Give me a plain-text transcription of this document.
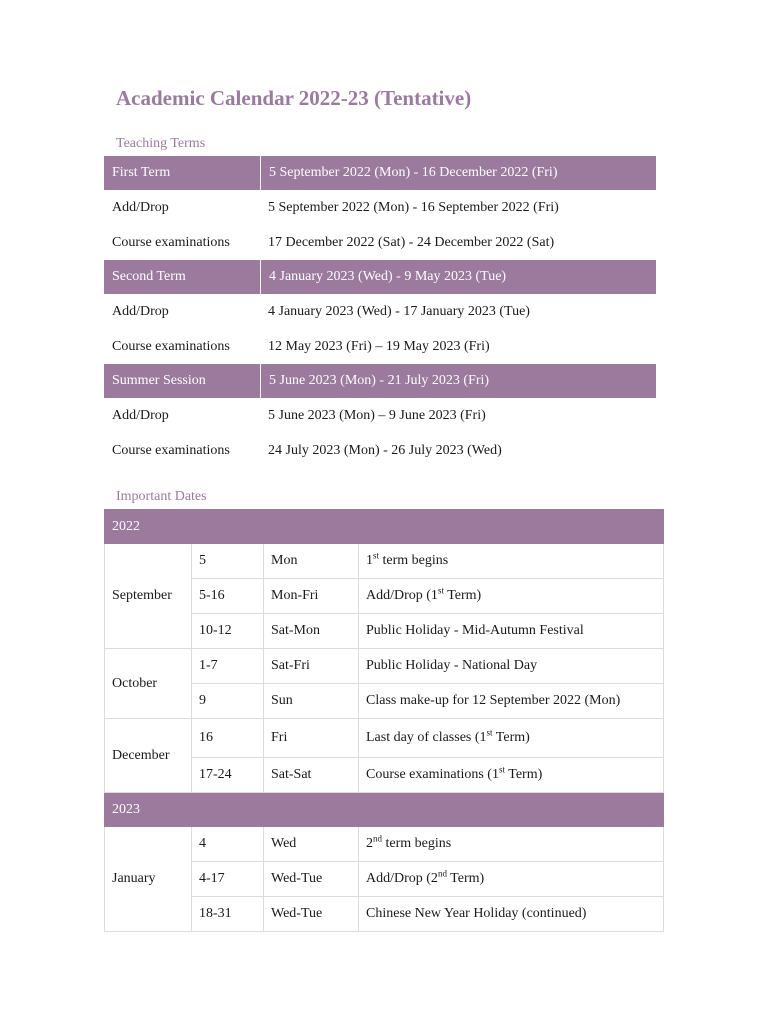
Academic Calendar 2022-23 (Tentative)
Teaching Terms
First Term	5 September 2022 (Mon) - 16 December 2022 (Fri)
Add/Drop	5 September 2022 (Mon) - 16 September 2022 (Fri)
Course examinations	17 December 2022 (Sat) - 24 December 2022 (Sat)
Second Term	4 January 2023 (Wed) - 9 May 2023 (Tue)
Add/Drop	4 January 2023 (Wed) - 17 January 2023 (Tue)
Course examinations	12 May 2023 (Fri) – 19 May 2023 (Fri)
Summer Session	5 June 2023 (Mon) - 21 July 2023 (Fri)
Add/Drop	5 June 2023 (Mon) – 9 June 2023 (Fri)
Course examinations	24 July 2023 (Mon) - 26 July 2023 (Wed)
Important Dates
2022			
September	5	Mon	1st term begins
	5-16	Mon-Fri	Add/Drop (1st Term)
	10-12	Sat-Mon	Public Holiday - Mid-Autumn Festival
October	1-7	Sat-Fri	Public Holiday - National Day
	9	Sun	Class make-up for 12 September 2022 (Mon)
December	16	Fri	Last day of classes (1st Term)
	17-24	Sat-Sat	Course examinations (1st Term)
2023			
January	4	Wed	2nd term begins
	4-17	Wed-Tue	Add/Drop (2nd Term)
	18-31	Wed-Tue	Chinese New Year Holiday (continued)
